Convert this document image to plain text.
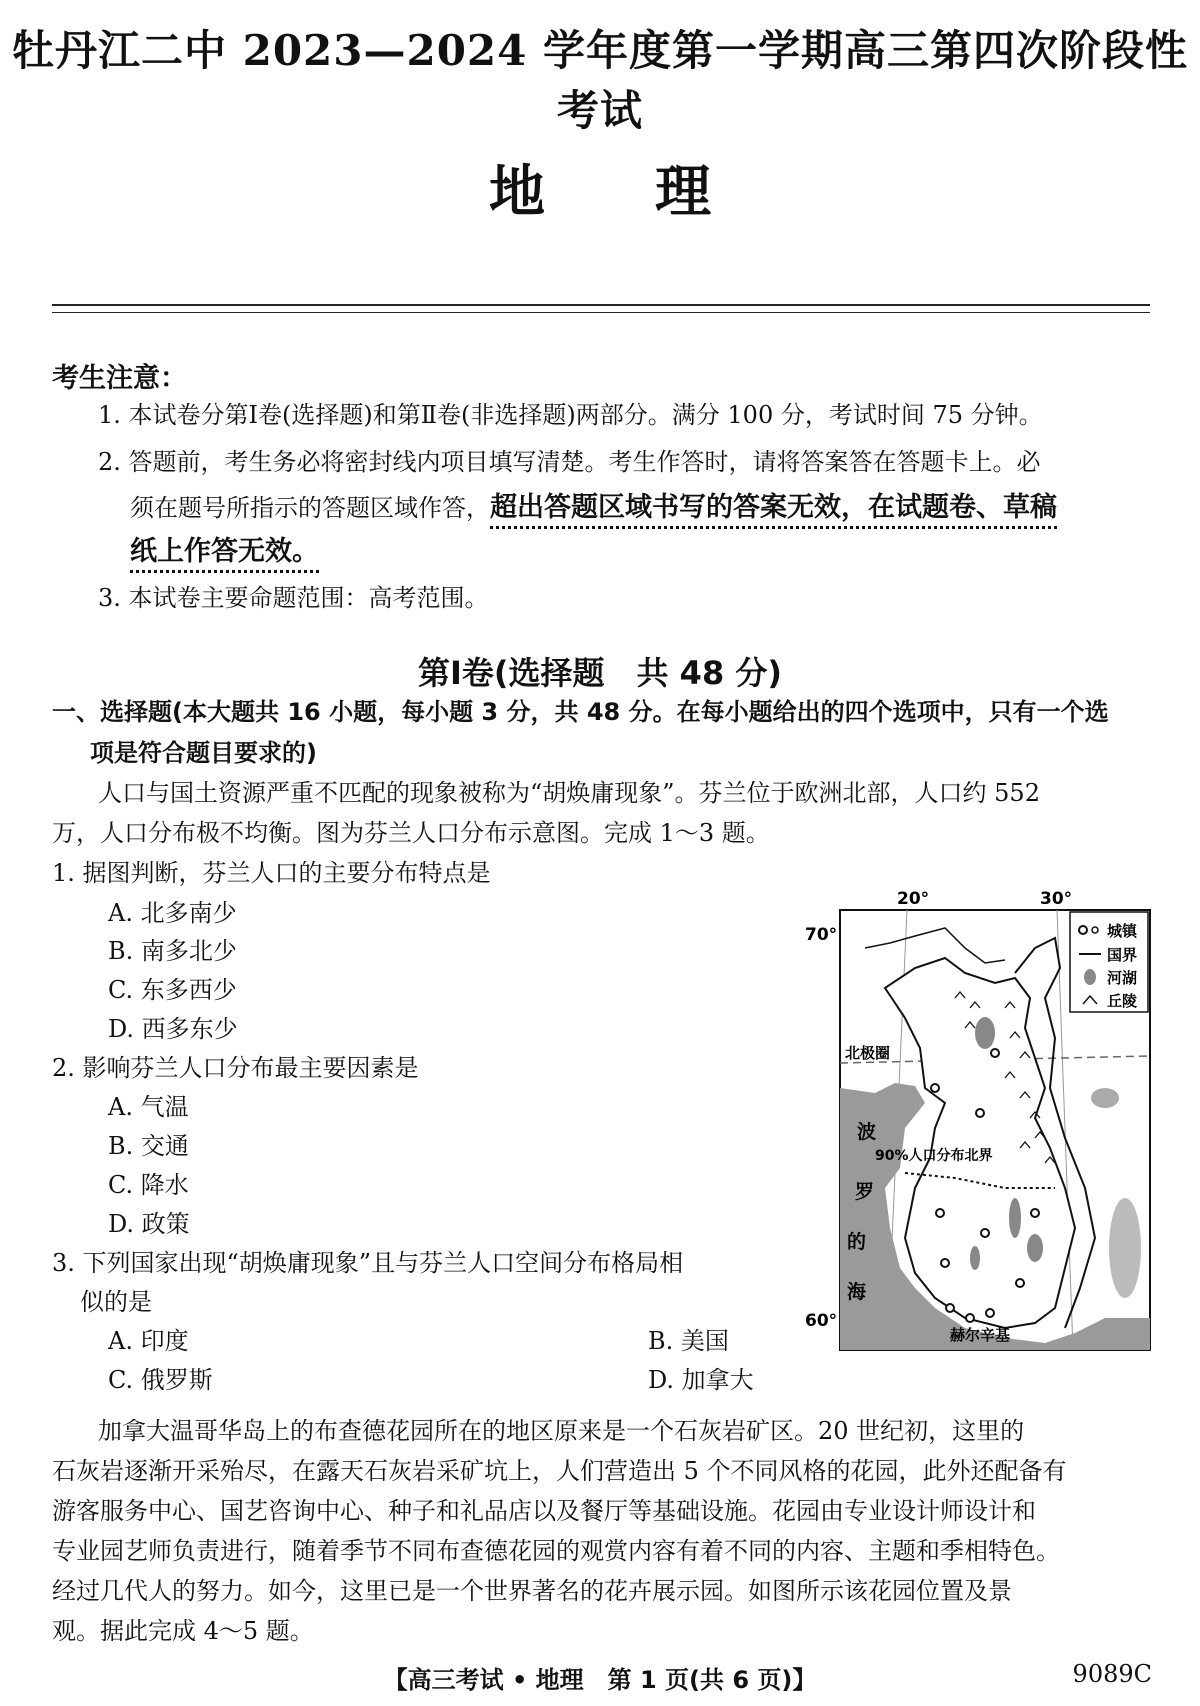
牡丹江二中 2023—2024 学年度第一学期高三第四次阶段性考试
地理
考生注意：
1. 本试卷分第Ⅰ卷(选择题)和第Ⅱ卷(非选择题)两部分。满分 100 分，考试时间 75 分钟。
2. 答题前，考生务必将密封线内项目填写清楚。考生作答时，请将答案答在答题卡上。必
须在题号所指示的答题区域作答，超出答题区域书写的答案无效，在试题卷、草稿
纸上作答无效。
3. 本试卷主要命题范围：高考范围。
第Ⅰ卷(选择题　共 48 分)
一、选择题(本大题共 16 小题，每小题 3 分，共 48 分。在每小题给出的四个选项中，只有一个选
项是符合题目要求的)
人口与国土资源严重不匹配的现象被称为“胡焕庸现象”。芬兰位于欧洲北部，人口约 552
万，人口分布极不均衡。图为芬兰人口分布示意图。完成 1～3 题。
1. 据图判断，芬兰人口的主要分布特点是
A. 北多南少
B. 南多北少
C. 东多西少
D. 西多东少
2. 影响芬兰人口分布最主要因素是
A. 气温
B. 交通
C. 降水
D. 政策
3. 下列国家出现“胡焕庸现象”且与芬兰人口空间分布格局相
似的是
A. 印度	B. 美国
C. 俄罗斯	D. 加拿大
20°	30°
70°
60°
北极圈
90%人口分布北界
波
罗
的
海
赫尔辛基
城镇
国界
河湖
丘陵
加拿大温哥华岛上的布查德花园所在的地区原来是一个石灰岩矿区。20 世纪初，这里的
石灰岩逐渐开采殆尽，在露天石灰岩采矿坑上，人们营造出 5 个不同风格的花园，此外还配备有
游客服务中心、国艺咨询中心、种子和礼品店以及餐厅等基础设施。花园由专业设计师设计和
专业园艺师负责进行，随着季节不同布查德花园的观赏内容有着不同的内容、主题和季相特色。
经过几代人的努力。如今，这里已是一个世界著名的花卉展示园。如图所示该花园位置及景
观。据此完成 4～5 题。
【高三考试 • 地理　第 1 页(共 6 页)】	9089C
